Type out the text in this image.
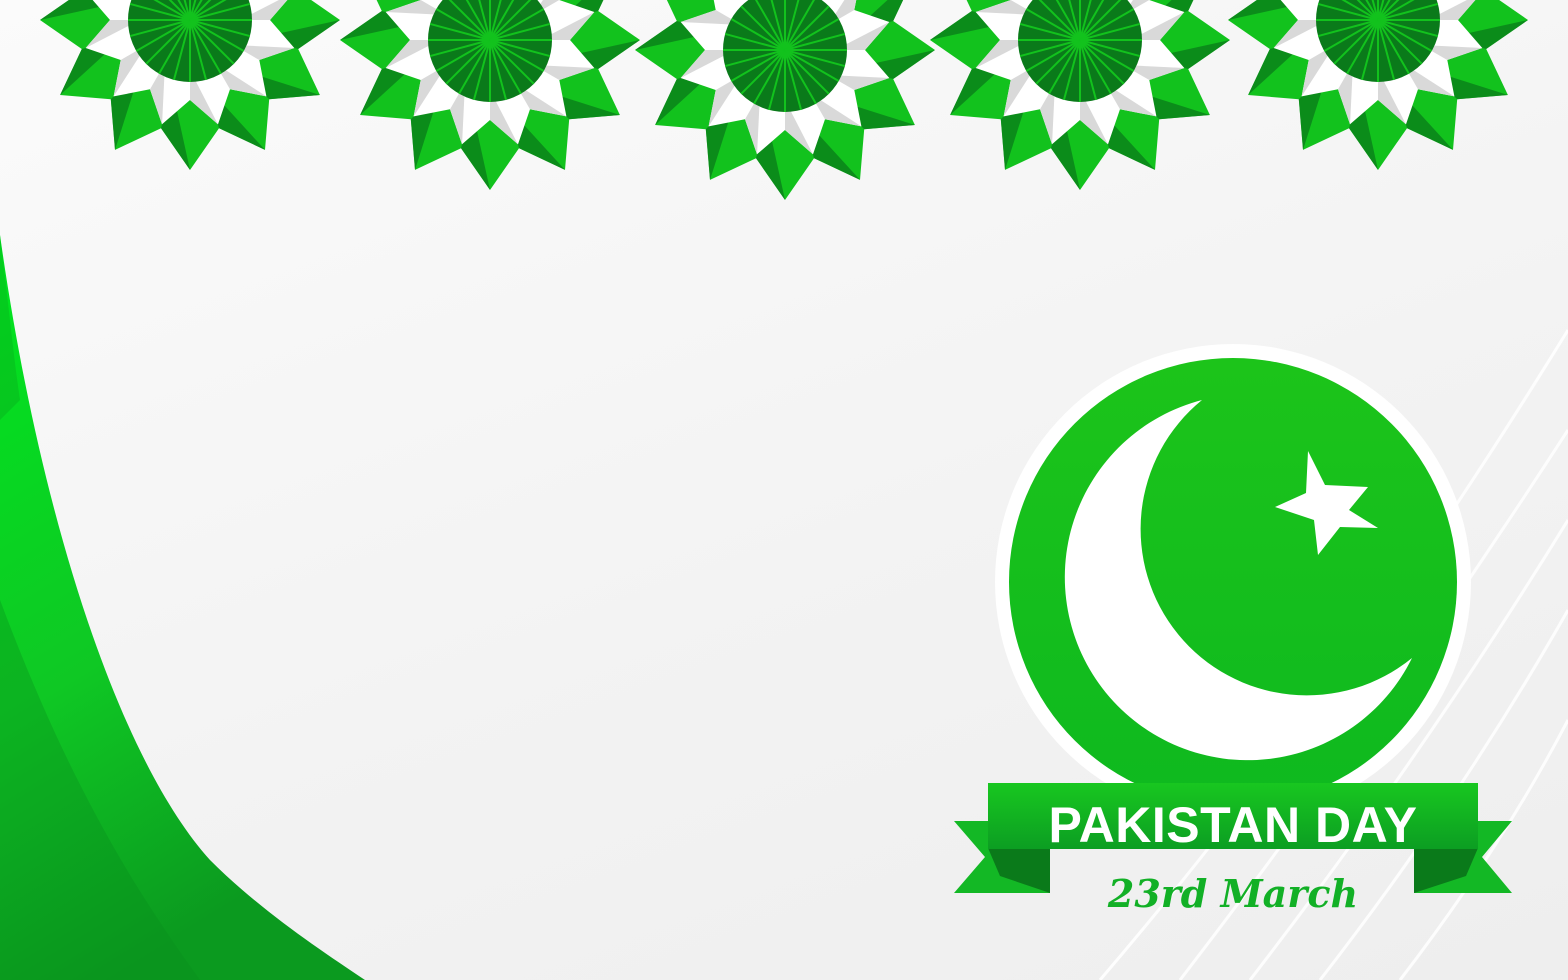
PAKISTAN DAY
23rd March
